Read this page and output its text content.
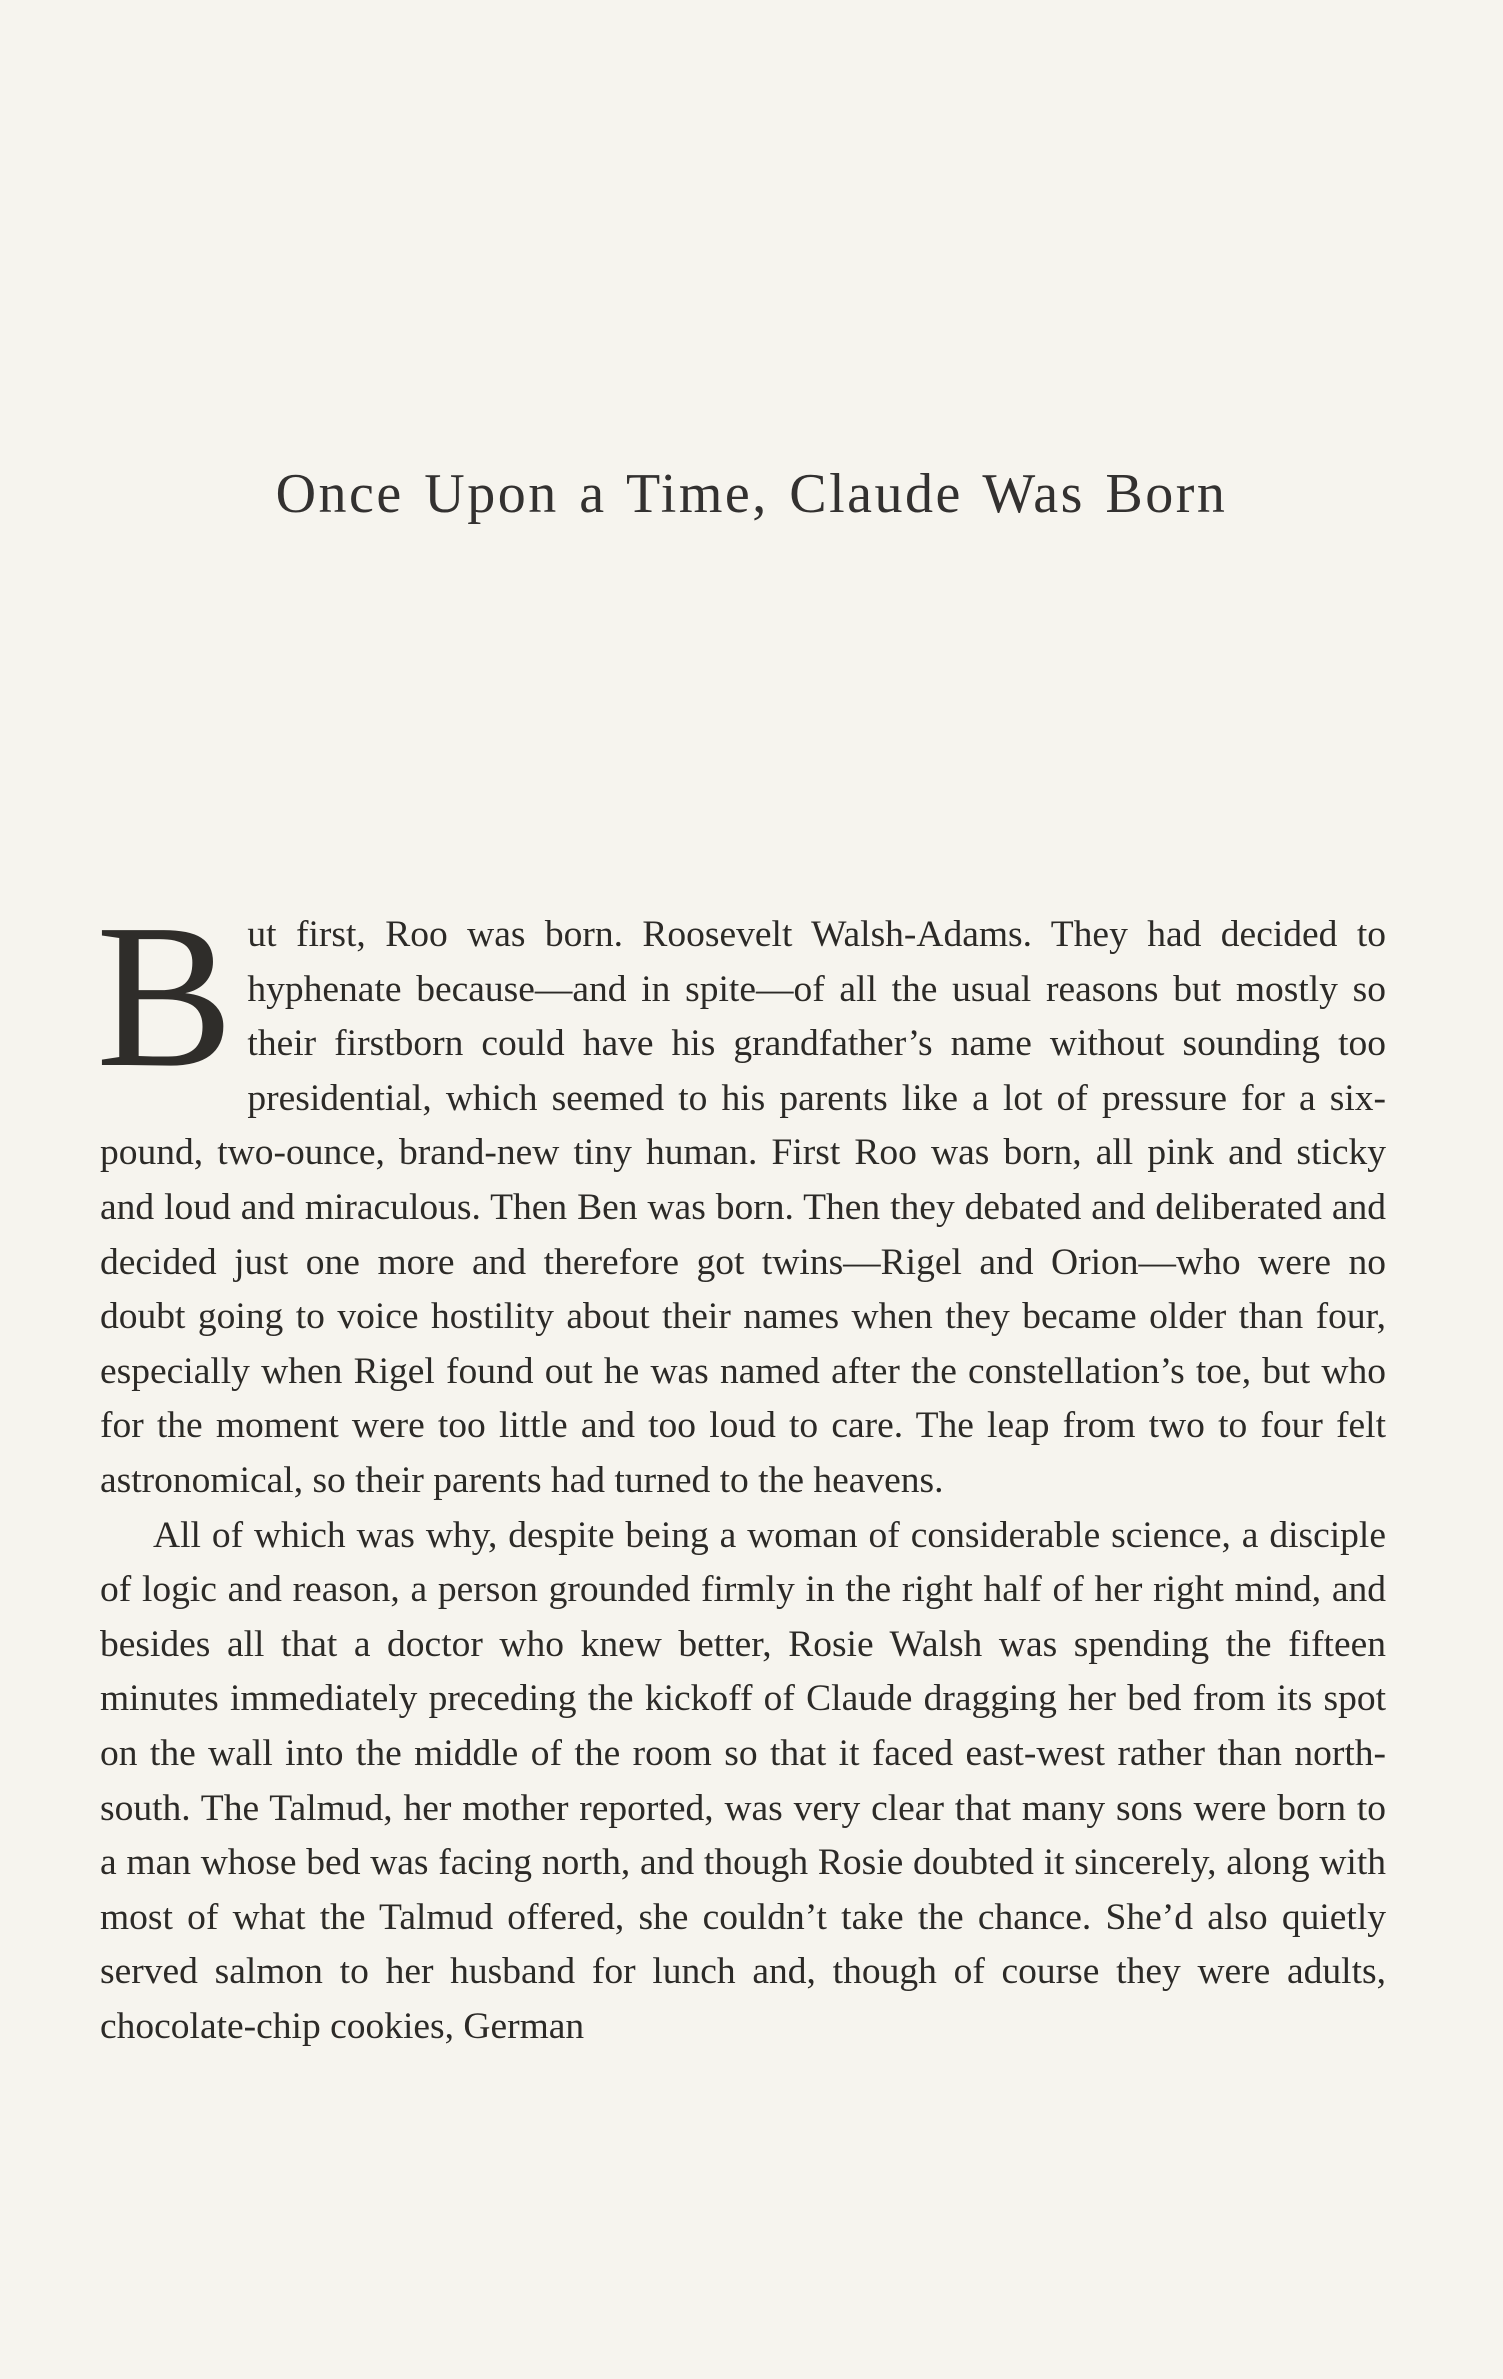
Once Upon a Time, Claude Was Born

But first, Roo was born. Roosevelt Walsh-Adams. They had decided to hyphenate because—and in spite—of all the usual reasons but mostly so their firstborn could have his grandfather’s name without sounding too presidential, which seemed to his parents like a lot of pressure for a six-pound, two-ounce, brand-new tiny human. First Roo was born, all pink and sticky and loud and miraculous. Then Ben was born. Then they debated and deliberated and decided just one more and therefore got twins—Rigel and Orion—who were no doubt going to voice hostility about their names when they became older than four, especially when Rigel found out he was named after the constellation’s toe, but who for the moment were too little and too loud to care. The leap from two to four felt astronomical, so their parents had turned to the heavens.

All of which was why, despite being a woman of considerable science, a disciple of logic and reason, a person grounded firmly in the right half of her right mind, and besides all that a doctor who knew better, Rosie Walsh was spending the fifteen minutes immediately preceding the kickoff of Claude dragging her bed from its spot on the wall into the middle of the room so that it faced east-west rather than north-south. The Talmud, her mother reported, was very clear that many sons were born to a man whose bed was facing north, and though Rosie doubted it sincerely, along with most of what the Talmud offered, she couldn’t take the chance. She’d also quietly served salmon to her husband for lunch and, though of course they were adults, chocolate-chip cookies, German
